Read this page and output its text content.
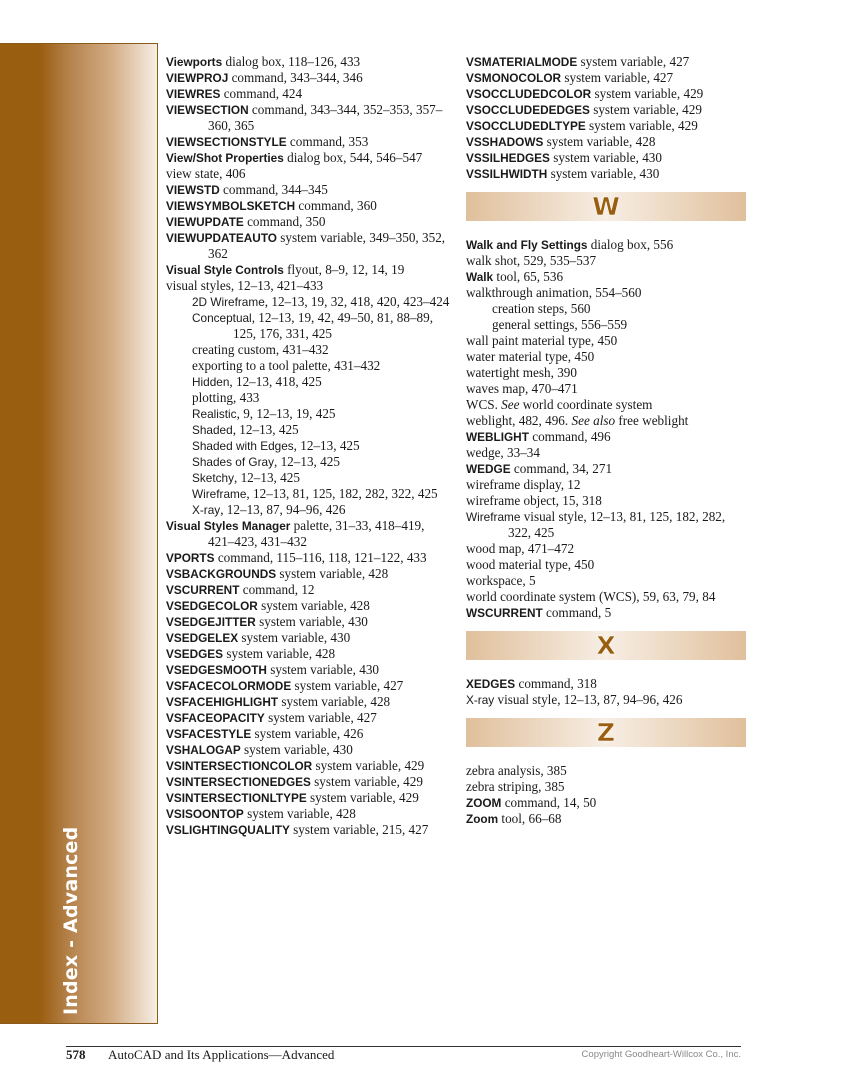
Index - Advanced
Viewports dialog box, 118–126, 433
VIEWPROJ command, 343–344, 346
VIEWRES command, 424
VIEWSECTION command, 343–344, 352–353, 357–360, 365
VIEWSECTIONSTYLE command, 353
View/Shot Properties dialog box, 544, 546–547
view state, 406
VIEWSTD command, 344–345
VIEWSYMBOLSKETCH command, 360
VIEWUPDATE command, 350
VIEWUPDATEAUTO system variable, 349–350, 352, 362
Visual Style Controls flyout, 8–9, 12, 14, 19
visual styles, 12–13, 421–433
2D Wireframe, 12–13, 19, 32, 418, 420, 423–424
Conceptual, 12–13, 19, 42, 49–50, 81, 88–89, 125, 176, 331, 425
creating custom, 431–432
exporting to a tool palette, 431–432
Hidden, 12–13, 418, 425
plotting, 433
Realistic, 9, 12–13, 19, 425
Shaded, 12–13, 425
Shaded with Edges, 12–13, 425
Shades of Gray, 12–13, 425
Sketchy, 12–13, 425
Wireframe, 12–13, 81, 125, 182, 282, 322, 425
X-ray, 12–13, 87, 94–96, 426
Visual Styles Manager palette, 31–33, 418–419, 421–423, 431–432
VPORTS command, 115–116, 118, 121–122, 433
VSBACKGROUNDS system variable, 428
VSCURRENT command, 12
VSEDGECOLOR system variable, 428
VSEDGEJITTER system variable, 430
VSEDGELEX system variable, 430
VSEDGES system variable, 428
VSEDGESMOOTH system variable, 430
VSFACECOLORMODE system variable, 427
VSFACEHIGHLIGHT system variable, 428
VSFACEOPACITY system variable, 427
VSFACESTYLE system variable, 426
VSHALOGAP system variable, 430
VSINTERSECTIONCOLOR system variable, 429
VSINTERSECTIONEDGES system variable, 429
VSINTERSECTIONLTYPE system variable, 429
VSISOONTOP system variable, 428
VSLIGHTINGQUALITY system variable, 215, 427
VSMATERIALMODE system variable, 427
VSMONOCOLOR system variable, 427
VSOCCLUDEDCOLOR system variable, 429
VSOCCLUDEDEDGES system variable, 429
VSOCCLUDEDLTYPE system variable, 429
VSSHADOWS system variable, 428
VSSILHEDGES system variable, 430
VSSILHWIDTH system variable, 430
W
Walk and Fly Settings dialog box, 556
walk shot, 529, 535–537
Walk tool, 65, 536
walkthrough animation, 554–560
creation steps, 560
general settings, 556–559
wall paint material type, 450
water material type, 450
watertight mesh, 390
waves map, 470–471
WCS. See world coordinate system
weblight, 482, 496. See also free weblight
WEBLIGHT command, 496
wedge, 33–34
WEDGE command, 34, 271
wireframe display, 12
wireframe object, 15, 318
Wireframe visual style, 12–13, 81, 125, 182, 282, 322, 425
wood map, 471–472
wood material type, 450
workspace, 5
world coordinate system (WCS), 59, 63, 79, 84
WSCURRENT command, 5
X
XEDGES command, 318
X-ray visual style, 12–13, 87, 94–96, 426
Z
zebra analysis, 385
zebra striping, 385
ZOOM command, 14, 50
Zoom tool, 66–68
578 AutoCAD and Its Applications—Advanced	Copyright Goodheart-Willcox Co., Inc.
